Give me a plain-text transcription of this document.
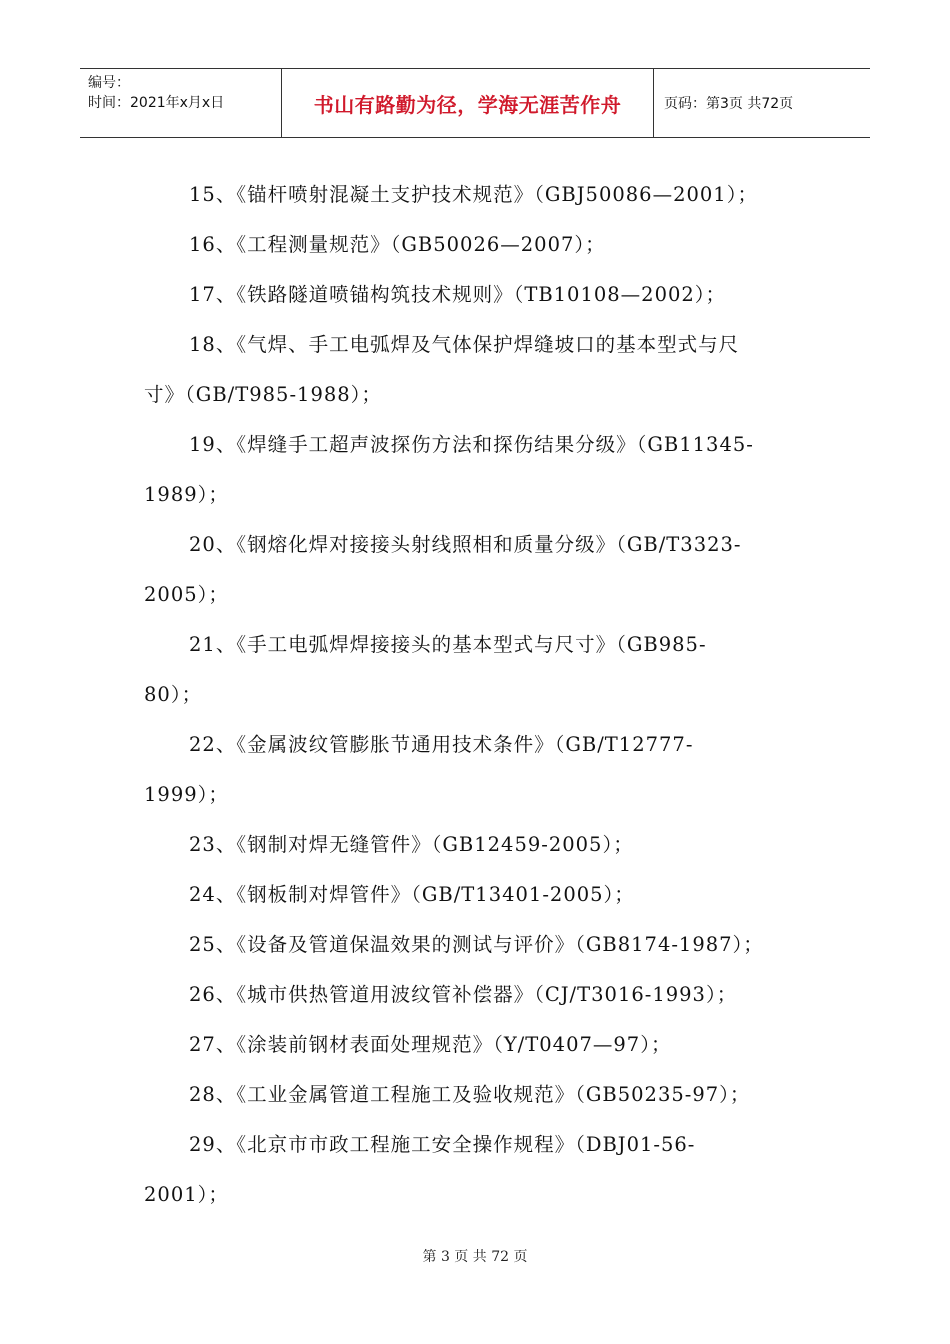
编号：
时间：2021年x月x日	书山有路勤为径，学海无涯苦作舟	页码：第3页 共72页

15、《锚杆喷射混凝土支护技术规范》（GBJ50086—2001）；

16、《工程测量规范》（GB50026—2007）；

17、《铁路隧道喷锚构筑技术规则》（TB10108—2002）；

18、《气焊、手工电弧焊及气体保护焊缝坡口的基本型式与尺
寸》（GB/T985-1988）；

19、《焊缝手工超声波探伤方法和探伤结果分级》（GB11345-
1989）；

20、《钢熔化焊对接接头射线照相和质量分级》（GB/T3323-
2005）；

21、《手工电弧焊焊接接头的基本型式与尺寸》（GB985-
80）；

22、《金属波纹管膨胀节通用技术条件》（GB/T12777-
1999）；

23、《钢制对焊无缝管件》（GB12459-2005）；

24、《钢板制对焊管件》（GB/T13401-2005）；

25、《设备及管道保温效果的测试与评价》（GB8174-1987）；

26、《城市供热管道用波纹管补偿器》（CJ/T3016-1993）；

27、《涂装前钢材表面处理规范》（Y/T0407—97）；

28、《工业金属管道工程施工及验收规范》（GB50235-97）；

29、《北京市市政工程施工安全操作规程》（DBJ01-56-
2001）；

第 3 页 共 72 页
